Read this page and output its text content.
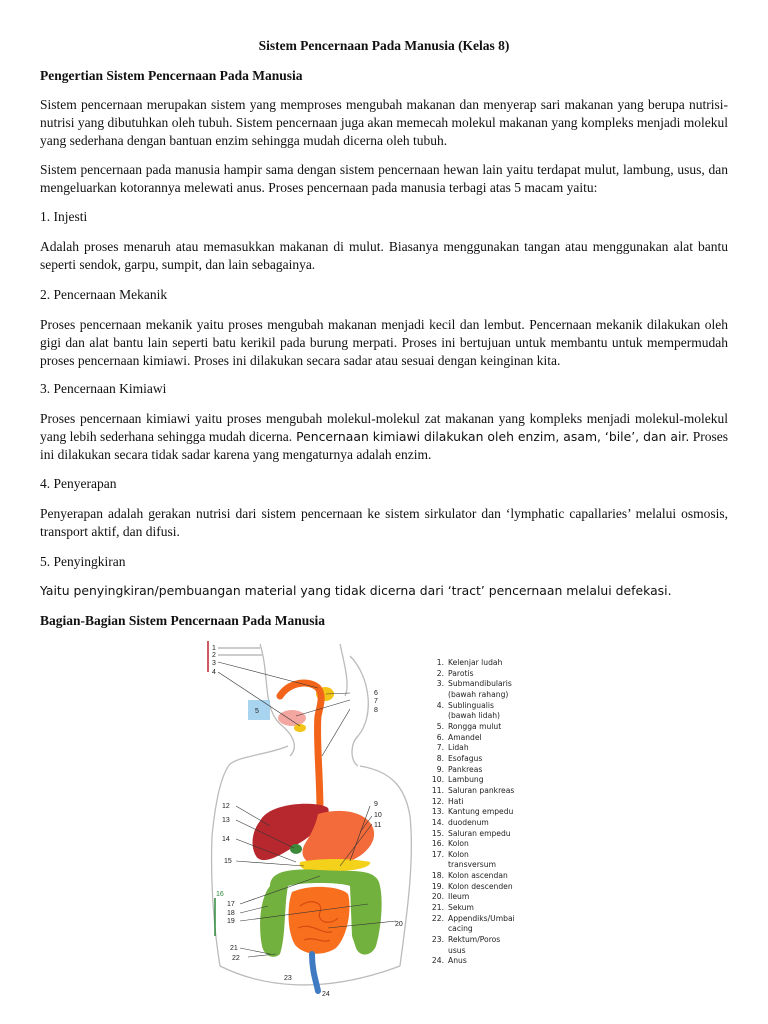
Sistem Pencernaan Pada Manusia (Kelas 8)
Pengertian Sistem Pencernaan Pada Manusia
Sistem pencernaan merupakan sistem yang memproses mengubah makanan dan menyerap sari makanan yang berupa nutrisi-nutrisi yang dibutuhkan oleh tubuh. Sistem pencernaan juga akan memecah molekul makanan yang kompleks menjadi molekul yang sederhana dengan bantuan enzim sehingga mudah dicerna oleh tubuh.
Sistem pencernaan pada manusia hampir sama dengan sistem pencernaan hewan lain yaitu terdapat mulut, lambung, usus, dan mengeluarkan kotorannya melewati anus. Proses pencernaan pada manusia terbagi atas 5 macam yaitu:
1. Injesti
Adalah proses menaruh atau memasukkan makanan di mulut. Biasanya menggunakan tangan atau menggunakan alat bantu seperti sendok, garpu, sumpit, dan lain sebagainya.
2. Pencernaan Mekanik
Proses pencernaan mekanik yaitu proses mengubah makanan menjadi kecil dan lembut. Pencernaan mekanik dilakukan oleh gigi dan alat bantu lain seperti batu kerikil pada burung merpati. Proses ini bertujuan untuk membantu untuk mempermudah proses pencernaan kimiawi. Proses ini dilakukan secara sadar atau sesuai dengan keinginan kita.
3. Pencernaan Kimiawi
Proses pencernaan kimiawi yaitu proses mengubah molekul-molekul zat makanan yang kompleks menjadi molekul-molekul yang lebih sederhana sehingga mudah dicerna. Pencernaan kimiawi dilakukan oleh enzim, asam, ‘bile’, dan air. Proses ini dilakukan secara tidak sadar karena yang mengaturnya adalah enzim.
4. Penyerapan
Penyerapan adalah gerakan nutrisi dari sistem pencernaan ke sistem sirkulator dan ‘lymphatic capallaries’ melalui osmosis, transport aktif, dan difusi.
5. Penyingkiran
Yaitu penyingkiran/pembuangan material yang tidak dicerna dari ‘tract’ pencernaan melalui defekasi.
Bagian-Bagian Sistem Pencernaan Pada Manusia
1
2
3
4
5
6
7
8
9
10
11
12
13
14
15
16
17
18
19	20
21
22
23
24
1. Kelenjar ludah
2. Parotis
3. Submandibularis
(bawah rahang)
4. Sublingualis
(bawah lidah)
5. Rongga mulut
6. Amandel
7. Lidah
8. Esofagus
9. Pankreas
10. Lambung
11. Saluran pankreas
12. Hati
13. Kantung empedu
14. duodenum
15. Saluran empedu
16. Kolon
17. Kolon
transversum
18. Kolon ascendan
19. Kolon descenden
20. Ileum
21. Sekum
22. Appendiks/Umbai
cacing
23. Rektum/Poros
usus
24. Anus
